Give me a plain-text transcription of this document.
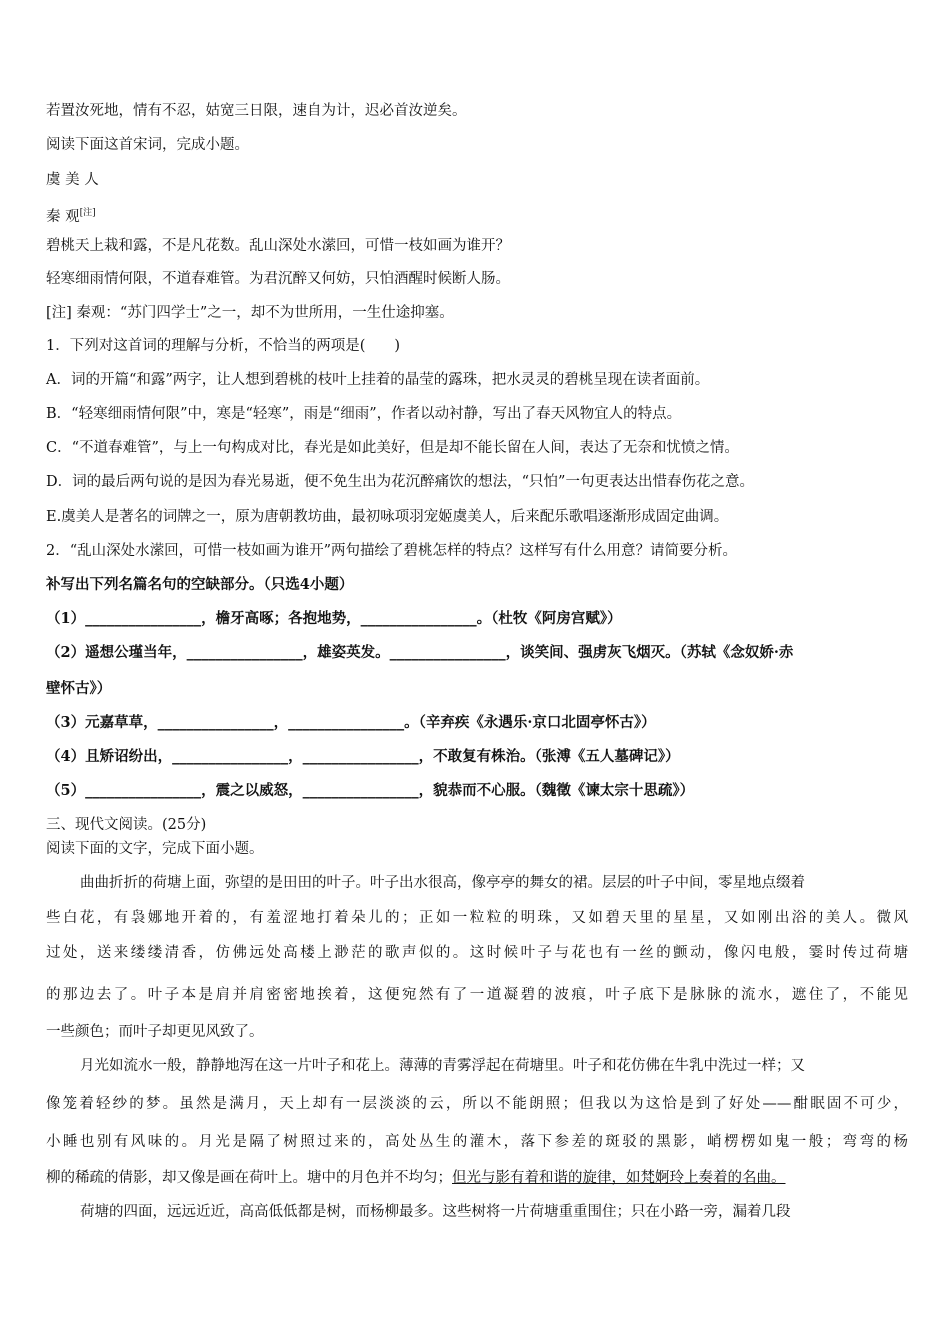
若置汝死地，情有不忍，姑宽三日限，速自为计，迟必首汝逆矣。
阅读下面这首宋词，完成小题。
虞 美 人
秦 观[注]
碧桃天上栽和露，不是凡花数。乱山深处水潆回，可惜一枝如画为谁开？
轻寒细雨情何限，不道春难管。为君沉醉又何妨，只怕酒醒时候断人肠。
[注] 秦观：“苏门四学士”之一，却不为世所用，一生仕途抑塞。
1．下列对这首词的理解与分析，不恰当的两项是(　　)
A．词的开篇“和露”两字，让人想到碧桃的枝叶上挂着的晶莹的露珠，把水灵灵的碧桃呈现在读者面前。
B．“轻寒细雨情何限”中，寒是“轻寒”，雨是“细雨”，作者以动衬静，写出了春天风物宜人的特点。
C．“不道春难管”，与上一句构成对比，春光是如此美好，但是却不能长留在人间，表达了无奈和忧愤之情。
D．词的最后两句说的是因为春光易逝，便不免生出为花沉醉痛饮的想法，“只怕”一句更表达出惜春伤花之意。
E.虞美人是著名的词牌之一，原为唐朝教坊曲，最初咏项羽宠姬虞美人，后来配乐歌唱逐渐形成固定曲调。
2．“乱山深处水潆回，可惜一枝如画为谁开”两句描绘了碧桃怎样的特点？这样写有什么用意？请简要分析。
补写出下列名篇名句的空缺部分。（只选4小题）
（1）________________，檐牙高啄；各抱地势，________________。（杜牧《阿房宫赋》）
（2）遥想公瑾当年，________________，雄姿英发。________________，谈笑间、强虏灰飞烟灭。（苏轼《念奴娇·赤
壁怀古》）
（3）元嘉草草，________________，________________。（辛弃疾《永遇乐·京口北固亭怀古》）
（4）且矫诏纷出，________________，________________，不敢复有株治。（张溥《五人墓碑记》）
（5）________________，震之以威怒，________________，貌恭而不心服。（魏徵《谏太宗十思疏》）
三、现代文阅读。(25分)
阅读下面的文字，完成下面小题。
曲曲折折的荷塘上面，弥望的是田田的叶子。叶子出水很高，像亭亭的舞女的裙。层层的叶子中间，零星地点缀着
些白花，有袅娜地开着的，有羞涩地打着朵儿的；正如一粒粒的明珠，又如碧天里的星星，又如刚出浴的美人。微风
过处，送来缕缕清香，仿佛远处高楼上渺茫的歌声似的。这时候叶子与花也有一丝的颤动，像闪电般，霎时传过荷塘
的那边去了。叶子本是肩并肩密密地挨着，这便宛然有了一道凝碧的波痕，叶子底下是脉脉的流水，遮住了，不能见
一些颜色；而叶子却更见风致了。
月光如流水一般，静静地泻在这一片叶子和花上。薄薄的青雾浮起在荷塘里。叶子和花仿佛在牛乳中洗过一样；又
像笼着轻纱的梦。虽然是满月，天上却有一层淡淡的云，所以不能朗照；但我以为这恰是到了好处——酣眠固不可少，
小睡也别有风味的。月光是隔了树照过来的，高处丛生的灌木，落下参差的斑驳的黑影，峭楞楞如鬼一般；弯弯的杨
柳的稀疏的倩影，却又像是画在荷叶上。塘中的月色并不均匀；但光与影有着和谐的旋律，如梵婀玲上奏着的名曲。
荷塘的四面，远远近近，高高低低都是树，而杨柳最多。这些树将一片荷塘重重围住；只在小路一旁，漏着几段
